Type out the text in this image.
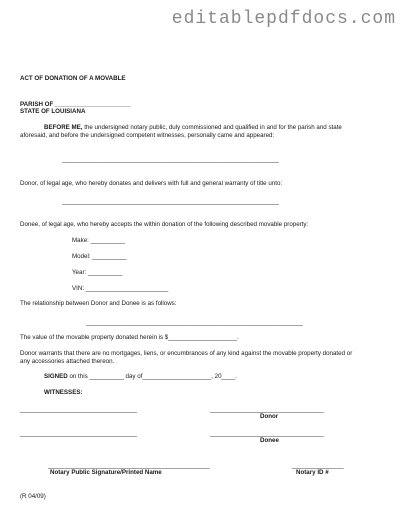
editablepdfdocs.com
ACT OF DONATION OF A MOVABLE
PARISH OF ______________________
STATE OF LOUISIANA
BEFORE ME, the undersigned notary public, duly commissioned and qualified in and for the parish and state aforesaid, and before the undersigned competent witnesses, personally came and appeared:
_______________________________________________________________
Donor, of legal age, who hereby donates and delivers with full and general warranty of title unto:
_______________________________________________________________
Donee, of legal age, who hereby accepts the within donation of the following described movable property:
Make: __________
Model: __________
Year: __________
VIN: ________________________
The relationship between Donor and Donee is as follows:
_______________________________________________________________
The value of the movable property donated herein is $____________________.
Donor warrants that there are no mortgages, liens, or encumbrances of any kind against the movable property donated or any accessories attached thereon.
SIGNED on this __________ day of____________________, 20____.
WITNESSES:
__________________________________	_________________________________
Donor
__________________________________	_________________________________
Donee
_______________________________________________	_______________
Notary Public Signature/Printed Name	Notary ID #
(R 04/09)
